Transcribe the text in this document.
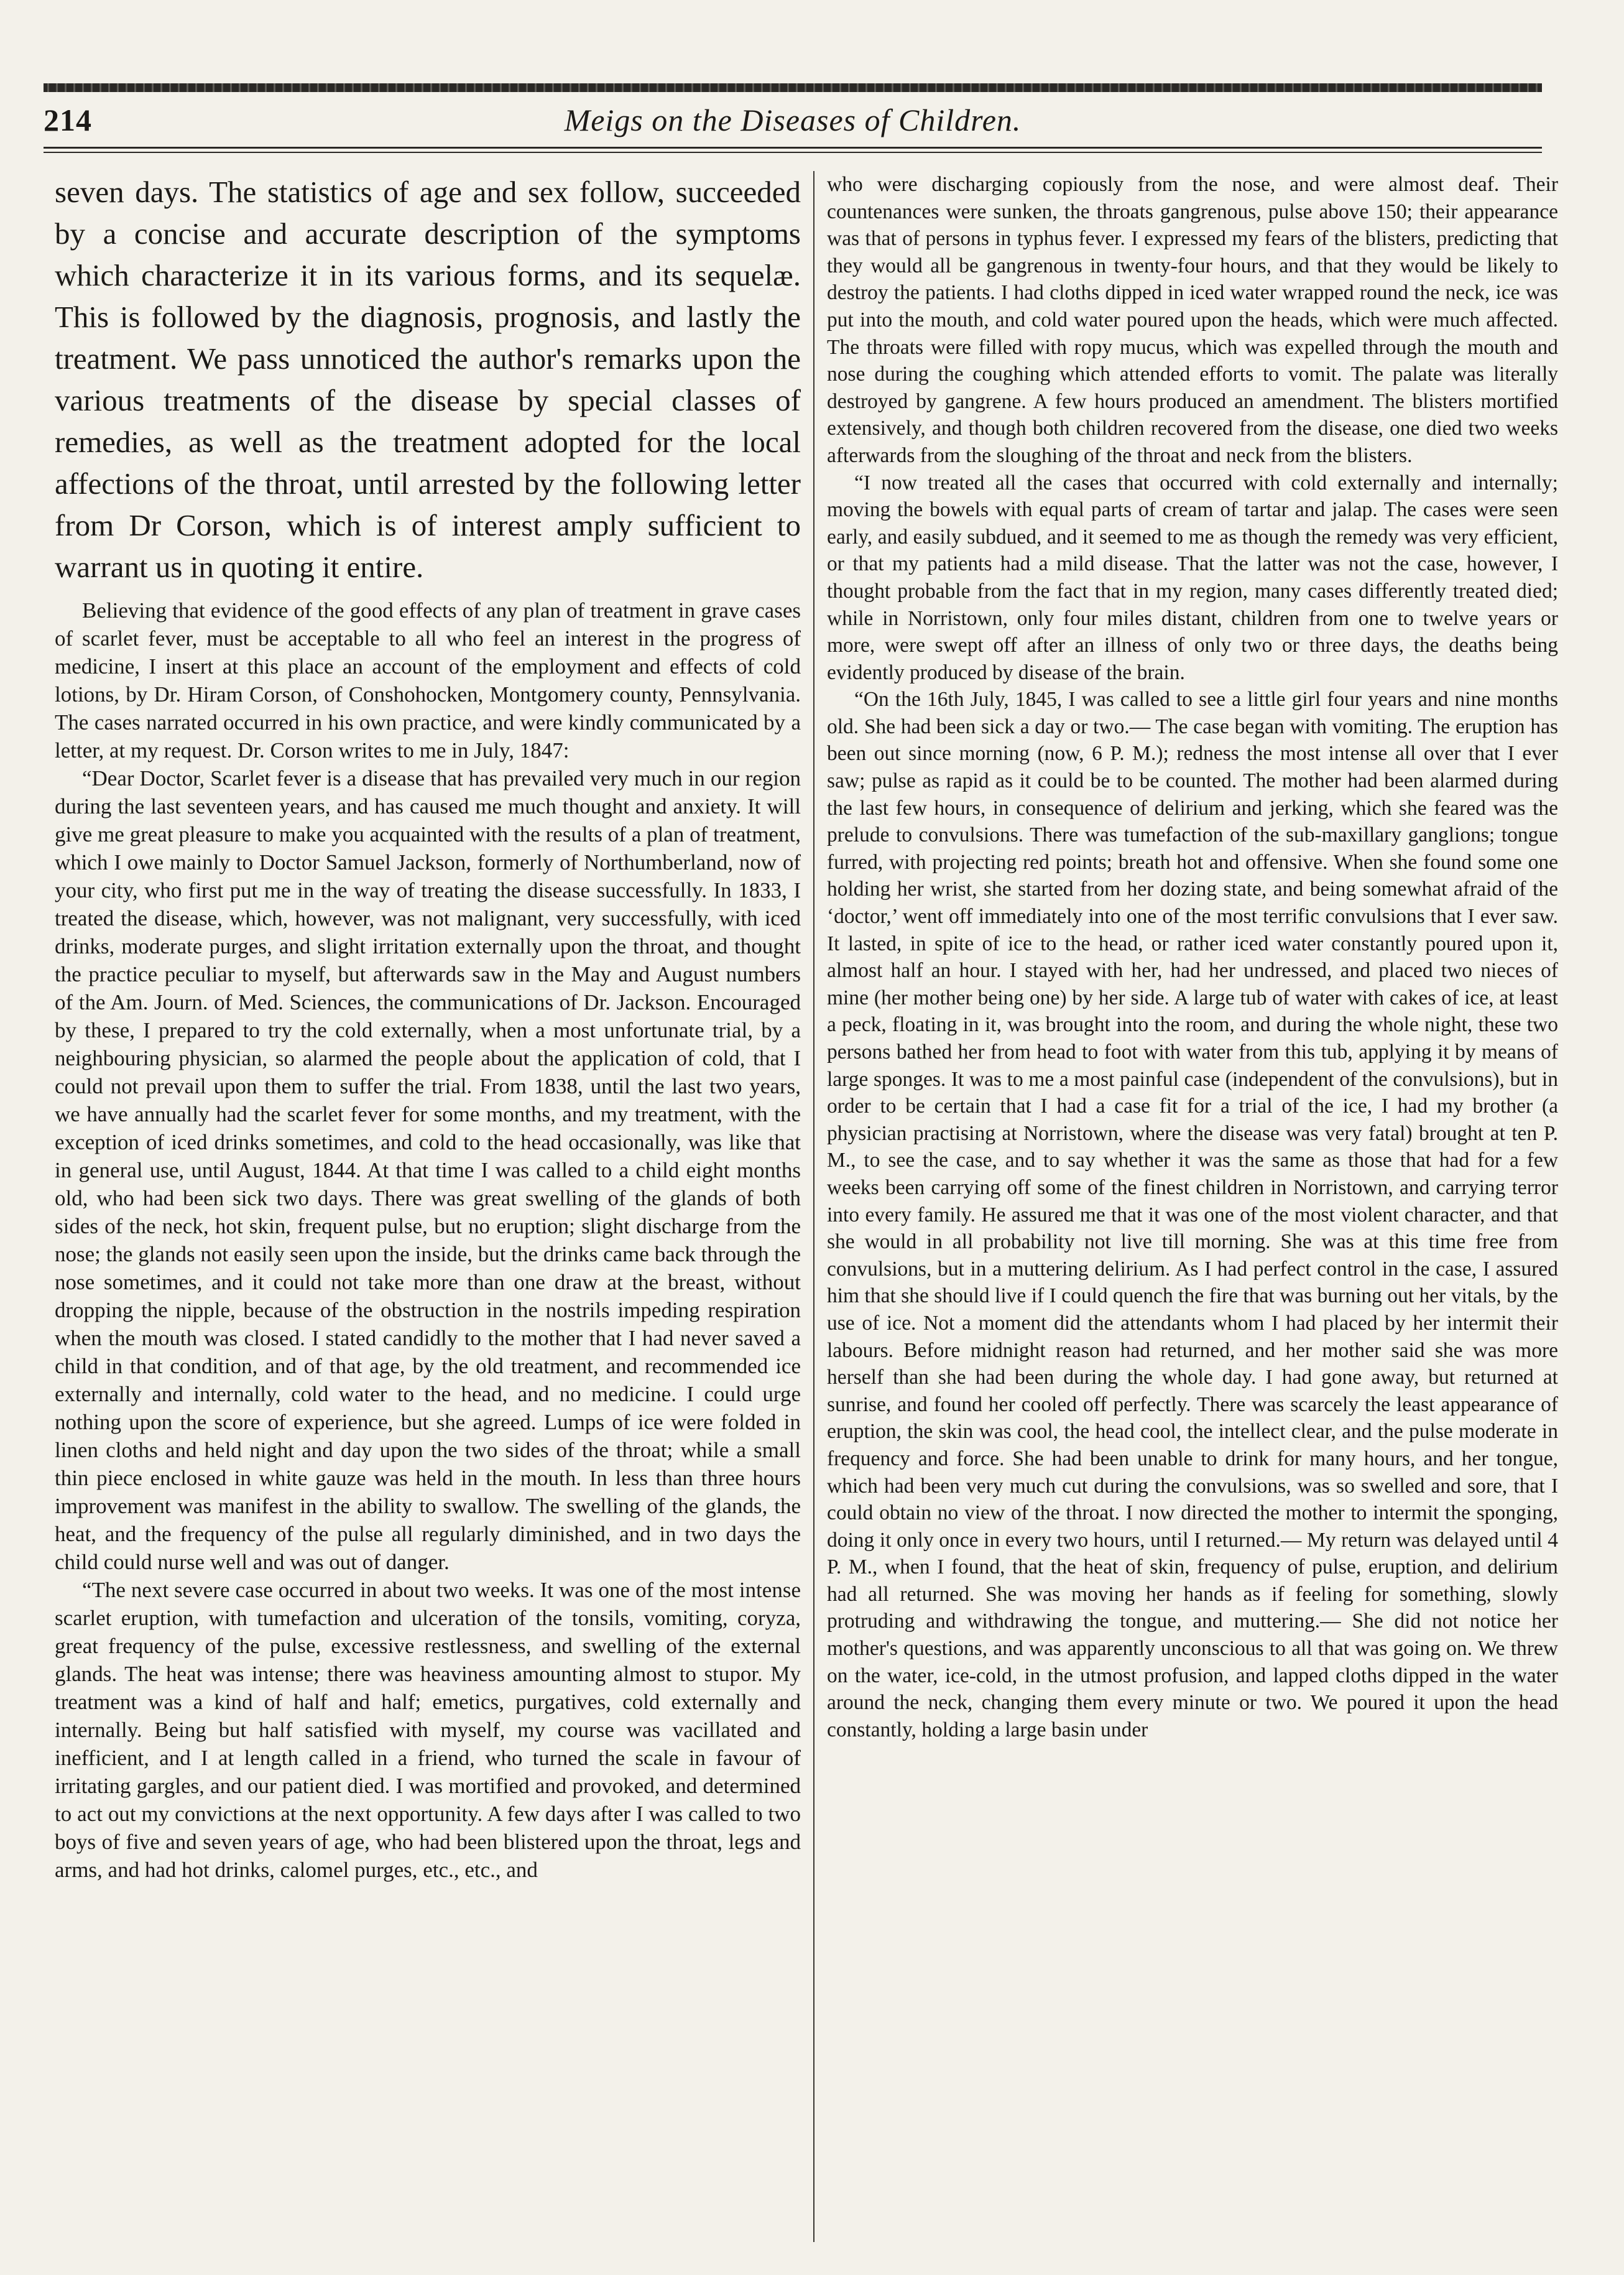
214	Meigs on the Diseases of Children.

seven days. The statistics of age and sex follow, succeeded by a concise and accurate description of the symptoms which characterize it in its various forms, and its sequelæ. This is followed by the diagnosis, prognosis, and lastly the treatment. We pass unnoticed the author's remarks upon the various treatments of the disease by special classes of remedies, as well as the treatment adopted for the local affections of the throat, until arrested by the following letter from Dr Corson, which is of interest amply sufficient to warrant us in quoting it entire.

Believing that evidence of the good effects of any plan of treatment in grave cases of scarlet fever, must be acceptable to all who feel an interest in the progress of medicine, I insert at this place an account of the employment and effects of cold lotions, by Dr. Hiram Corson, of Conshohocken, Montgomery county, Pennsylvania. The cases narrated occurred in his own practice, and were kindly communicated by a letter, at my request. Dr. Corson writes to me in July, 1847:

“Dear Doctor, Scarlet fever is a disease that has prevailed very much in our region during the last seventeen years, and has caused me much thought and anxiety. It will give me great pleasure to make you acquainted with the results of a plan of treatment, which I owe mainly to Doctor Samuel Jackson, formerly of Northumberland, now of your city, who first put me in the way of treating the disease successfully. In 1833, I treated the disease, which, however, was not malignant, very successfully, with iced drinks, moderate purges, and slight irritation externally upon the throat, and thought the practice peculiar to myself, but afterwards saw in the May and August numbers of the Am. Journ. of Med. Sciences, the communications of Dr. Jackson. Encouraged by these, I prepared to try the cold externally, when a most unfortunate trial, by a neighbouring physician, so alarmed the people about the application of cold, that I could not prevail upon them to suffer the trial. From 1838, until the last two years, we have annually had the scarlet fever for some months, and my treatment, with the exception of iced drinks sometimes, and cold to the head occasionally, was like that in general use, until August, 1844. At that time I was called to a child eight months old, who had been sick two days. There was great swelling of the glands of both sides of the neck, hot skin, frequent pulse, but no eruption; slight discharge from the nose; the glands not easily seen upon the inside, but the drinks came back through the nose sometimes, and it could not take more than one draw at the breast, without dropping the nipple, because of the obstruction in the nostrils impeding respiration when the mouth was closed. I stated candidly to the mother that I had never saved a child in that condition, and of that age, by the old treatment, and recommended ice externally and internally, cold water to the head, and no medicine. I could urge nothing upon the score of experience, but she agreed. Lumps of ice were folded in linen cloths and held night and day upon the two sides of the throat; while a small thin piece enclosed in white gauze was held in the mouth. In less than three hours improvement was manifest in the ability to swallow. The swelling of the glands, the heat, and the frequency of the pulse all regularly diminished, and in two days the child could nurse well and was out of danger.

“The next severe case occurred in about two weeks. It was one of the most intense scarlet eruption, with tumefaction and ulceration of the tonsils, vomiting, coryza, great frequency of the pulse, excessive restlessness, and swelling of the external glands. The heat was intense; there was heaviness amounting almost to stupor. My treatment was a kind of half and half; emetics, purgatives, cold externally and internally. Being but half satisfied with myself, my course was vacillated and inefficient, and I at length called in a friend, who turned the scale in favour of irritating gargles, and our patient died. I was mortified and provoked, and determined to act out my convictions at the next opportunity. A few days after I was called to two boys of five and seven years of age, who had been blistered upon the throat, legs and arms, and had hot drinks, calomel purges, etc., etc., and

who were discharging copiously from the nose, and were almost deaf. Their countenances were sunken, the throats gangrenous, pulse above 150; their appearance was that of persons in typhus fever. I expressed my fears of the blisters, predicting that they would all be gangrenous in twenty-four hours, and that they would be likely to destroy the patients. I had cloths dipped in iced water wrapped round the neck, ice was put into the mouth, and cold water poured upon the heads, which were much affected. The throats were filled with ropy mucus, which was expelled through the mouth and nose during the coughing which attended efforts to vomit. The palate was literally destroyed by gangrene. A few hours produced an amendment. The blisters mortified extensively, and though both children recovered from the disease, one died two weeks afterwards from the sloughing of the throat and neck from the blisters.

“I now treated all the cases that occurred with cold externally and internally; moving the bowels with equal parts of cream of tartar and jalap. The cases were seen early, and easily subdued, and it seemed to me as though the remedy was very efficient, or that my patients had a mild disease. That the latter was not the case, however, I thought probable from the fact that in my region, many cases differently treated died; while in Norristown, only four miles distant, children from one to twelve years or more, were swept off after an illness of only two or three days, the deaths being evidently produced by disease of the brain.

“On the 16th July, 1845, I was called to see a little girl four years and nine months old. She had been sick a day or two.— The case began with vomiting. The eruption has been out since morning (now, 6 P. M.); redness the most intense all over that I ever saw; pulse as rapid as it could be to be counted. The mother had been alarmed during the last few hours, in consequence of delirium and jerking, which she feared was the prelude to convulsions. There was tumefaction of the sub-maxillary ganglions; tongue furred, with projecting red points; breath hot and offensive. When she found some one holding her wrist, she started from her dozing state, and being somewhat afraid of the ‘doctor,’ went off immediately into one of the most terrific convulsions that I ever saw. It lasted, in spite of ice to the head, or rather iced water constantly poured upon it, almost half an hour. I stayed with her, had her undressed, and placed two nieces of mine (her mother being one) by her side. A large tub of water with cakes of ice, at least a peck, floating in it, was brought into the room, and during the whole night, these two persons bathed her from head to foot with water from this tub, applying it by means of large sponges. It was to me a most painful case (independent of the convulsions), but in order to be certain that I had a case fit for a trial of the ice, I had my brother (a physician practising at Norristown, where the disease was very fatal) brought at ten P. M., to see the case, and to say whether it was the same as those that had for a few weeks been carrying off some of the finest children in Norristown, and carrying terror into every family. He assured me that it was one of the most violent character, and that she would in all probability not live till morning. She was at this time free from convulsions, but in a muttering delirium. As I had perfect control in the case, I assured him that she should live if I could quench the fire that was burning out her vitals, by the use of ice. Not a moment did the attendants whom I had placed by her intermit their labours. Before midnight reason had returned, and her mother said she was more herself than she had been during the whole day. I had gone away, but returned at sunrise, and found her cooled off perfectly. There was scarcely the least appearance of eruption, the skin was cool, the head cool, the intellect clear, and the pulse moderate in frequency and force. She had been unable to drink for many hours, and her tongue, which had been very much cut during the convulsions, was so swelled and sore, that I could obtain no view of the throat. I now directed the mother to intermit the sponging, doing it only once in every two hours, until I returned.— My return was delayed until 4 P. M., when I found, that the heat of skin, frequency of pulse, eruption, and delirium had all returned. She was moving her hands as if feeling for something, slowly protruding and withdrawing the tongue, and muttering.— She did not notice her mother's questions, and was apparently unconscious to all that was going on. We threw on the water, ice-cold, in the utmost profusion, and lapped cloths dipped in the water around the neck, changing them every minute or two. We poured it upon the head constantly, holding a large basin under
